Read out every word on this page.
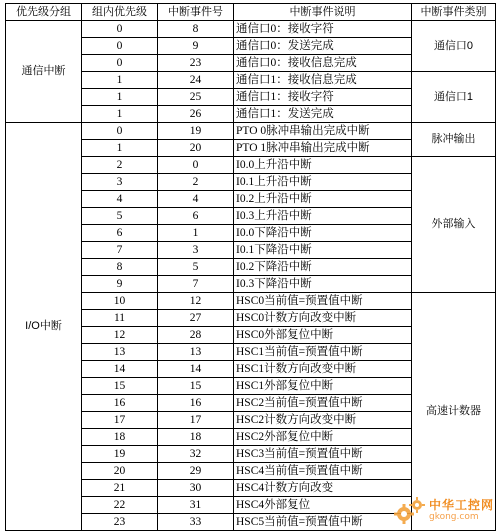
优先级分组	组内优先级	中断事件号	中断事件说明	中断事件类别
通信中断	0	8	通信口0：接收字符	通信口0
	0	9	通信口0：发送完成	
	0	23	通信口0：接收信息完成	
	1	24	通信口1：接收信息完成	通信口1
	1	25	通信口1：接收字符	
	1	26	通信口1：发送完成	
I/O中断	0	19	PTO 0脉冲串输出完成中断	脉冲输出
	1	20	PTO 1脉冲串输出完成中断	
	2	0	I0.0上升沿中断	外部输入
	3	2	I0.1上升沿中断	
	4	4	I0.2上升沿中断	
	5	6	I0.3上升沿中断	
	6	1	I0.0下降沿中断	
	7	3	I0.1下降沿中断	
	8	5	I0.2下降沿中断	
	9	7	I0.3下降沿中断	
	10	12	HSC0当前值=预置值中断	高速计数器
	11	27	HSC0计数方向改变中断	
	12	28	HSC0外部复位中断	
	13	13	HSC1当前值=预置值中断	
	14	14	HSC1计数方向改变中断	
	15	15	HSC1外部复位中断	
	16	16	HSC2当前值=预置值中断	
	17	17	HSC2计数方向改变中断	
	18	18	HSC2外部复位中断	
	19	32	HSC3当前值=预置值中断	
	20	29	HSC4当前值=预置值中断	
	21	30	HSC4计数方向改变	
	22	31	HSC4外部复位	
	23	33	HSC5当前值=预置值中断	
中华工控网
gkong.com
